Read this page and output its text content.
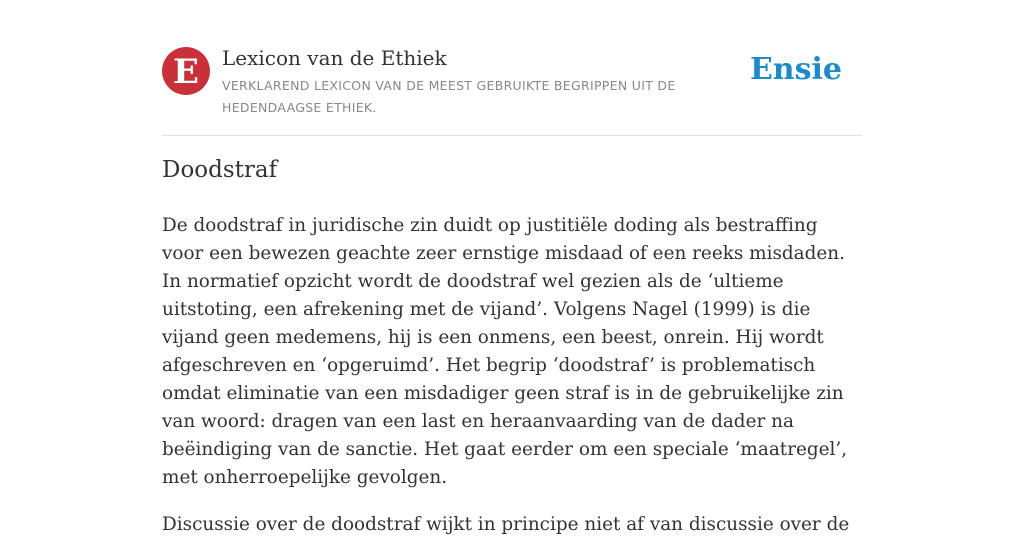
E Lexicon van de Ethiek
VERKLAREND LEXICON VAN DE MEEST GEBRUIKTE BEGRIPPEN UIT DE HEDENDAAGSE ETHIEK.
Ensie
Doodstraf

De doodstraf in juridische zin duidt op justitiële doding als bestraffing voor een bewezen geachte zeer ernstige misdaad of een reeks misdaden. In normatief opzicht wordt de doodstraf wel gezien als de ‘ultieme uitstoting, een afrekening met de vijand’. Volgens Nagel (1999) is die vijand geen medemens, hij is een onmens, een beest, onrein. Hij wordt afgeschreven en ‘opgeruimd’. Het begrip ‘doodstraf’ is problematisch omdat eliminatie van een misdadiger geen straf is in de gebruikelijke zin van woord: dragen van een last en heraanvaarding van de dader na beëindiging van de sanctie. Het gaat eerder om een speciale ‘maatregel’, met onherroepelijke gevolgen.

Discussie over de doodstraf wijkt in principe niet af van discussie over de
